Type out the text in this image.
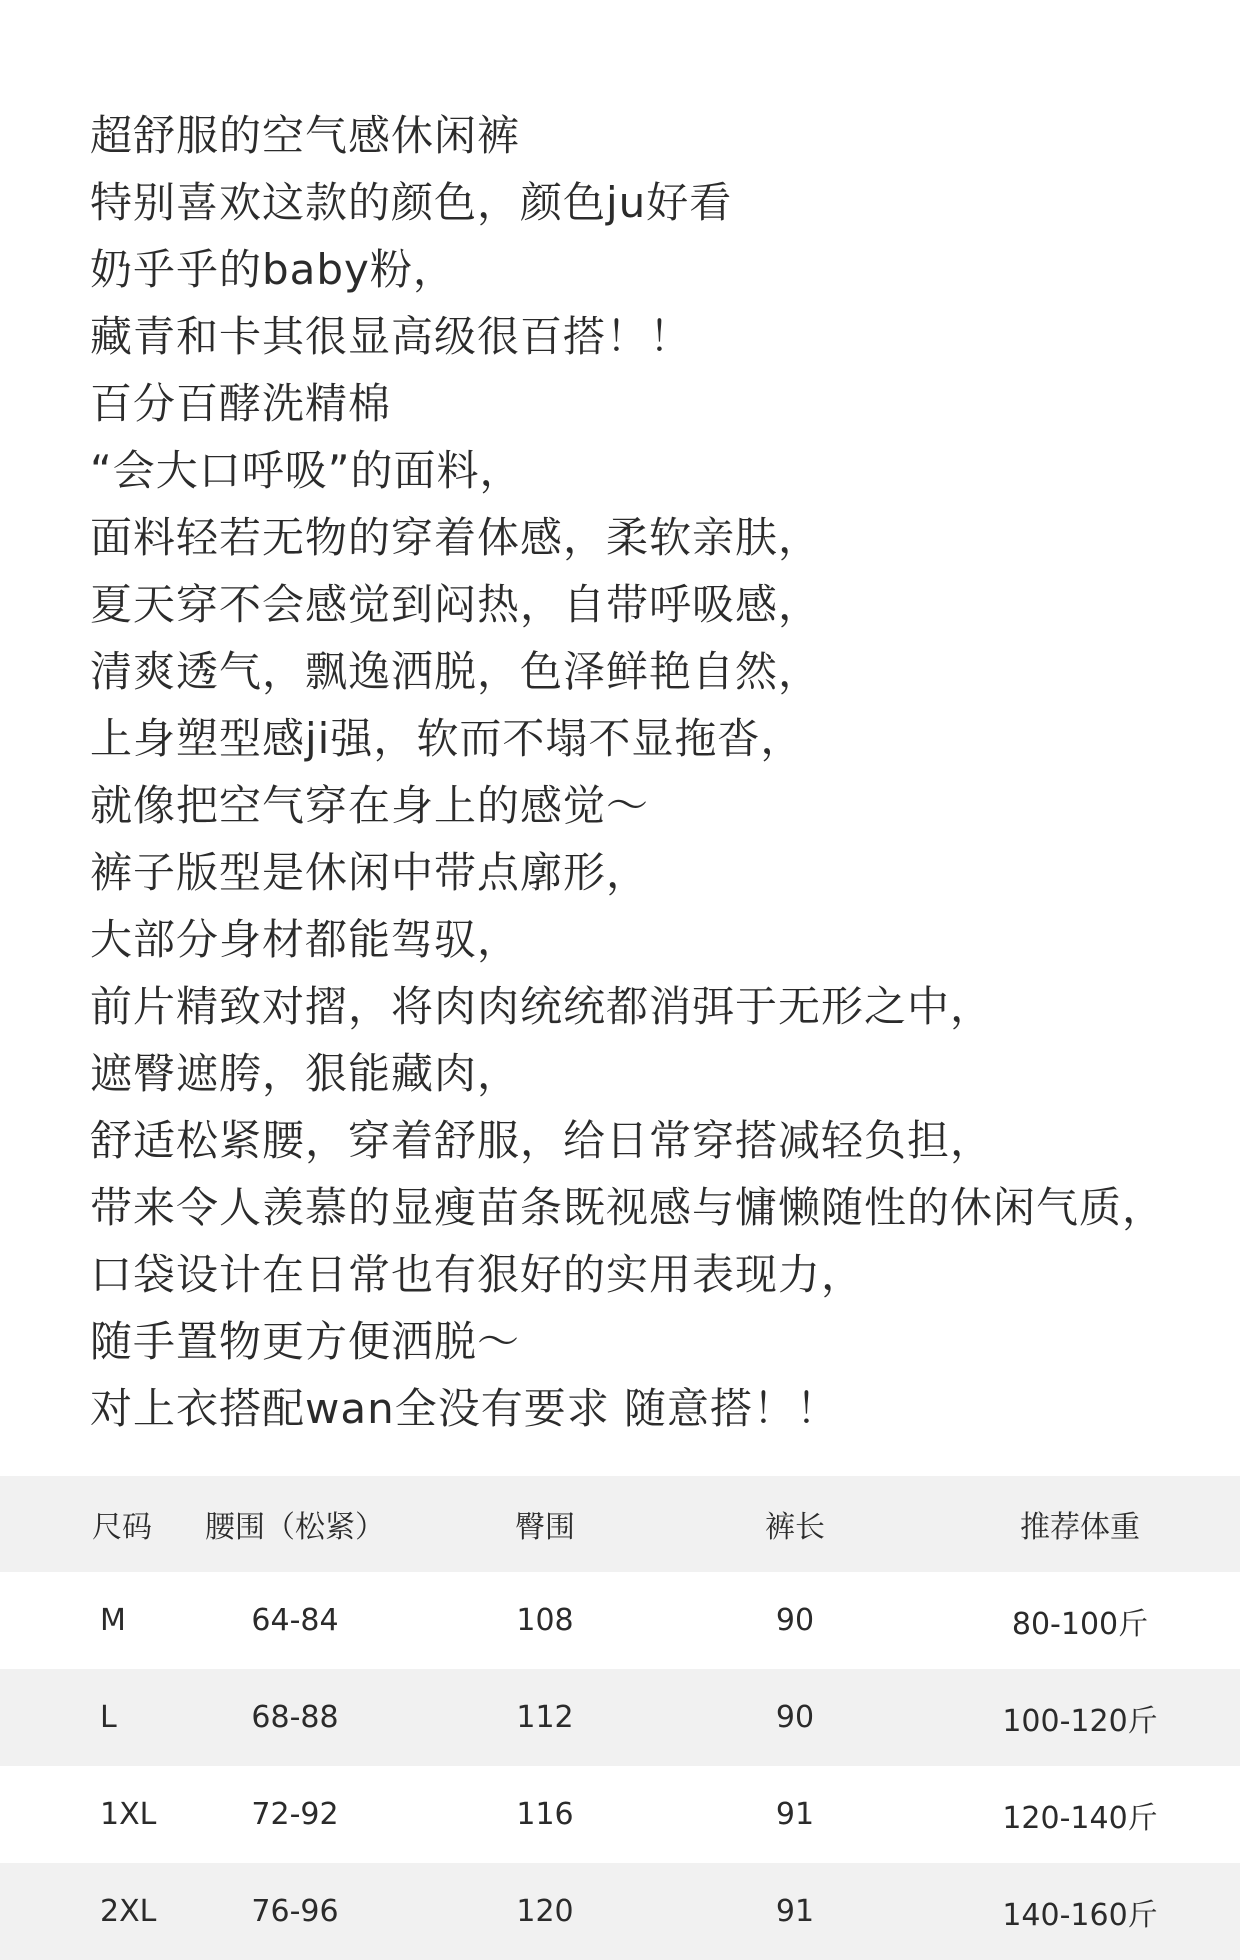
超舒服的空气感休闲裤
特别喜欢这款的颜色，颜色ju好看
奶乎乎的baby粉，
藏青和卡其很显高级很百搭！！
百分百酵洗精棉
“会大口呼吸”的面料，
面料轻若无物的穿着体感，柔软亲肤，
夏天穿不会感觉到闷热，自带呼吸感，
清爽透气，飘逸洒脱，色泽鲜艳自然，
上身塑型感ji强，软而不塌不显拖沓，
就像把空气穿在身上的感觉～
裤子版型是休闲中带点廓形，
大部分身材都能驾驭，
前片精致对摺，将肉肉统统都消弭于无形之中，
遮臀遮胯，狠能藏肉，
舒适松紧腰，穿着舒服，给日常穿搭减轻负担，
带来令人羡慕的显瘦苗条既视感与慵懒随性的休闲气质，
口袋设计在日常也有狠好的实用表现力，
随手置物更方便洒脱～
对上衣搭配wan全没有要求 随意搭！！
尺码	腰围（松紧）	臀围	裤长	推荐体重
M	64-84	108	90	80-100斤
L	68-88	112	90	100-120斤
1XL	72-92	116	91	120-140斤
2XL	76-96	120	91	140-160斤
